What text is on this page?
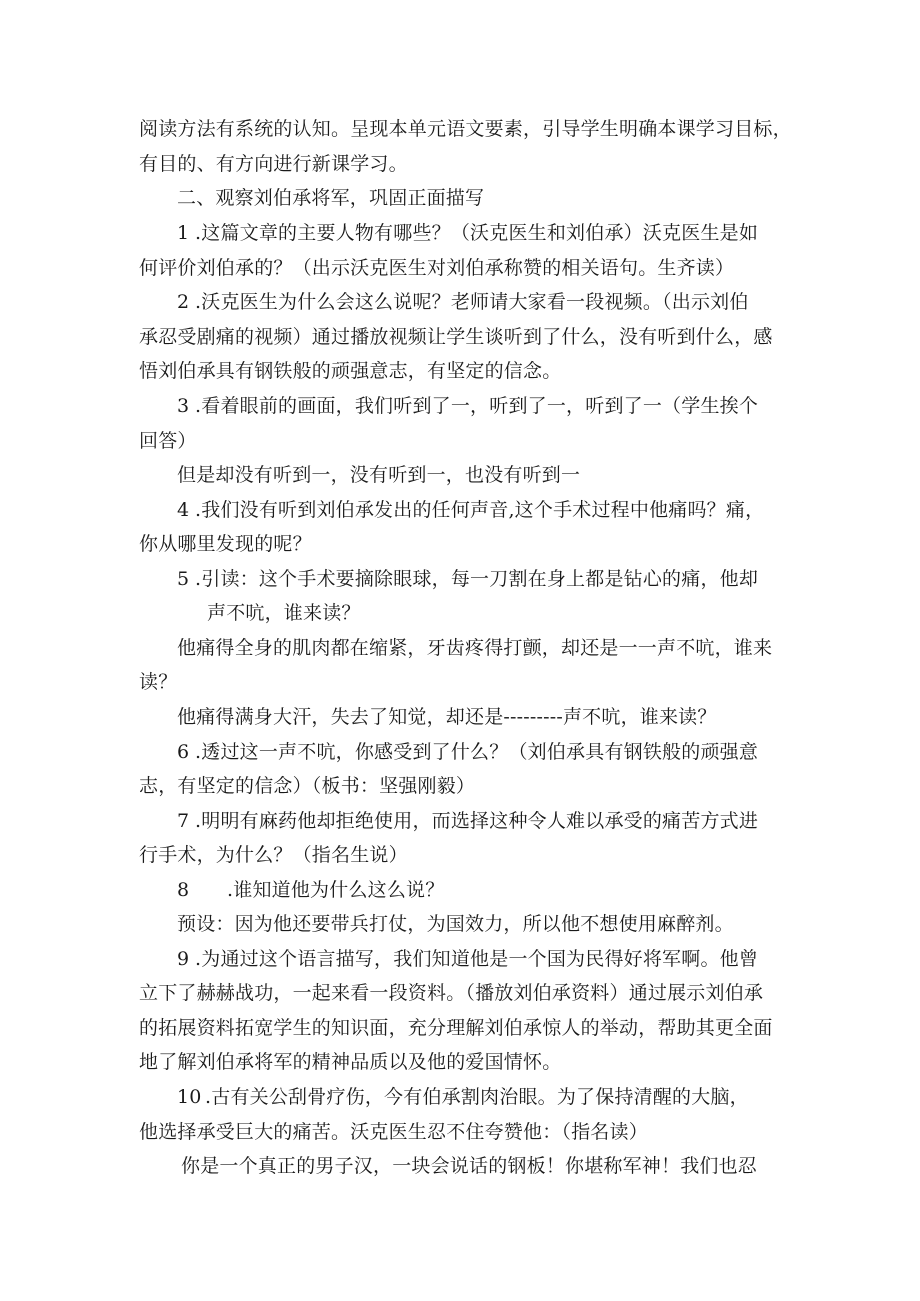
阅读方法有系统的认知。呈现本单元语文要素，引导学生明确本课学习目标，
有目的、有方向进行新课学习。
二、观察刘伯承将军，巩固正面描写
1 .这篇文章的主要人物有哪些？（沃克医生和刘伯承）沃克医生是如
何评价刘伯承的？（出示沃克医生对刘伯承称赞的相关语句。生齐读）
2 .沃克医生为什么会这么说呢？老师请大家看一段视频。（出示刘伯
承忍受剧痛的视频）通过播放视频让学生谈听到了什么，没有听到什么，感
悟刘伯承具有钢铁般的顽强意志，有坚定的信念。
3 .看着眼前的画面，我们听到了一，听到了一，听到了一（学生挨个
回答）
但是却没有听到一，没有听到一，也没有听到一
4 .我们没有听到刘伯承发出的任何声音,这个手术过程中他痛吗？痛，
你从哪里发现的呢？
5 .引读：这个手术要摘除眼球，每一刀割在身上都是钻心的痛，他却
声不吭，谁来读？
他痛得全身的肌肉都在缩紧，牙齿疼得打颤，却还是一一声不吭，谁来
读？
他痛得满身大汗，失去了知觉，却还是---------声不吭，谁来读？
6 .透过这一声不吭，你感受到了什么？（刘伯承具有钢铁般的顽强意
志，有坚定的信念）（板书：坚强刚毅）
7 .明明有麻药他却拒绝使用，而选择这种令人难以承受的痛苦方式进
行手术，为什么？（指名生说）
8 .谁知道他为什么这么说？
预设：因为他还要带兵打仗，为国效力，所以他不想使用麻醉剂。
9 .为通过这个语言描写，我们知道他是一个国为民得好将军啊。他曾
立下了赫赫战功，一起来看一段资料。（播放刘伯承资料）通过展示刘伯承
的拓展资料拓宽学生的知识面，充分理解刘伯承惊人的举动，帮助其更全面
地了解刘伯承将军的精神品质以及他的爱国情怀。
10 .古有关公刮骨疗伤，今有伯承割肉治眼。为了保持清醒的大脑，
他选择承受巨大的痛苦。沃克医生忍不住夸赞他：（指名读）
你是一个真正的男子汉，一块会说话的钢板！你堪称军神！我们也忍
